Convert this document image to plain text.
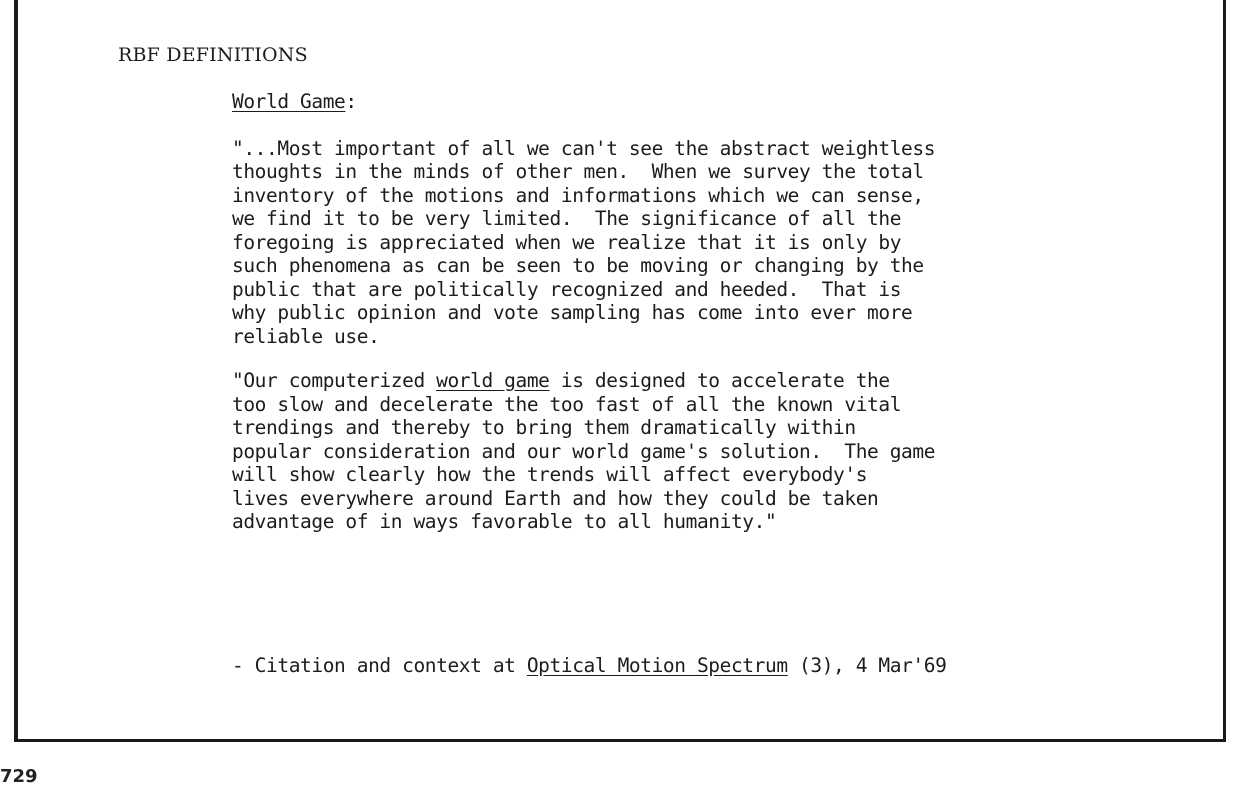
RBF DEFINITIONS
World Game:
"...Most important of all we can't see the abstract weightless
thoughts in the minds of other men.  When we survey the total
inventory of the motions and informations which we can sense,
we find it to be very limited.  The significance of all the
foregoing is appreciated when we realize that it is only by
such phenomena as can be seen to be moving or changing by the
public that are politically recognized and heeded.  That is
why public opinion and vote sampling has come into ever more
reliable use.
"Our computerized world game is designed to accelerate the
too slow and decelerate the too fast of all the known vital
trendings and thereby to bring them dramatically within
popular consideration and our world game's solution.  The game
will show clearly how the trends will affect everybody's
lives everywhere around Earth and how they could be taken
advantage of in ways favorable to all humanity."
- Citation and context at Optical Motion Spectrum (3), 4 Mar'69
729
